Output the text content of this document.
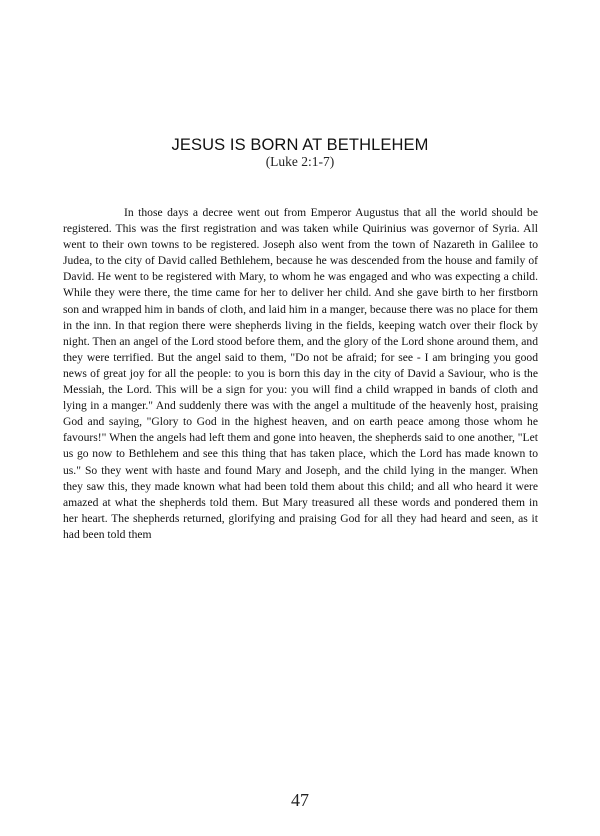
JESUS IS BORN AT BETHLEHEM
(Luke 2:1-7)

In those days a decree went out from Emperor Augustus that all the world should be registered. This was the first registration and was taken while Quirinius was governor of Syria. All went to their own towns to be registered. Joseph also went from the town of Nazareth in Galilee to Judea, to the city of David called Bethlehem, because he was descended from the house and family of David. He went to be registered with Mary, to whom he was engaged and who was expecting a child. While they were there, the time came for her to deliver her child. And she gave birth to her firstborn son and wrapped him in bands of cloth, and laid him in a manger, because there was no place for them in the inn. In that region there were shepherds living in the fields, keeping watch over their flock by night. Then an angel of the Lord stood before them, and the glory of the Lord shone around them, and they were terrified. But the angel said to them, "Do not be afraid; for see - I am bringing you good news of great joy for all the people: to you is born this day in the city of David a Saviour, who is the Messiah, the Lord. This will be a sign for you: you will find a child wrapped in bands of cloth and lying in a manger." And suddenly there was with the angel a multitude of the heavenly host, praising God and saying, "Glory to God in the highest heaven, and on earth peace among those whom he favours!" When the angels had left them and gone into heaven, the shepherds said to one another, "Let us go now to Bethlehem and see this thing that has taken place, which the Lord has made known to us." So they went with haste and found Mary and Joseph, and the child lying in the manger. When they saw this, they made known what had been told them about this child; and all who heard it were amazed at what the shepherds told them. But Mary treasured all these words and pondered them in her heart. The shepherds returned, glorifying and praising God for all they had heard and seen, as it had been told them

47
